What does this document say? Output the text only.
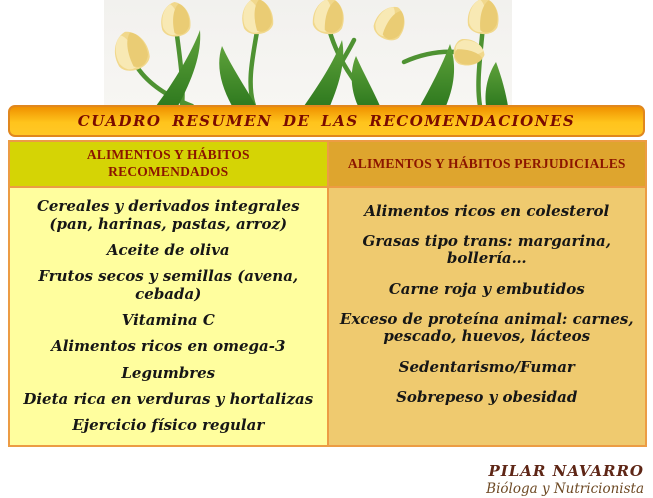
CUADRO RESUMEN DE LAS RECOMENDACIONES
ALIMENTOS Y HÁBITOS RECOMENDADOS
ALIMENTOS Y HÁBITOS PERJUDICIALES
Cereales y derivados integrales (pan, harinas, pastas, arroz)
Aceite de oliva
Frutos secos y semillas (avena, cebada)
Vitamina C
Alimentos ricos en omega-3
Legumbres
Dieta rica en verduras y hortalizas
Ejercicio físico regular
Alimentos ricos en colesterol
Grasas tipo trans: margarina, bollería…
Carne roja y embutidos
Exceso de proteína animal: carnes, pescado, huevos, lácteos
Sedentarismo/Fumar
Sobrepeso y obesidad
PILAR NAVARRO
Bióloga y Nutricionista
